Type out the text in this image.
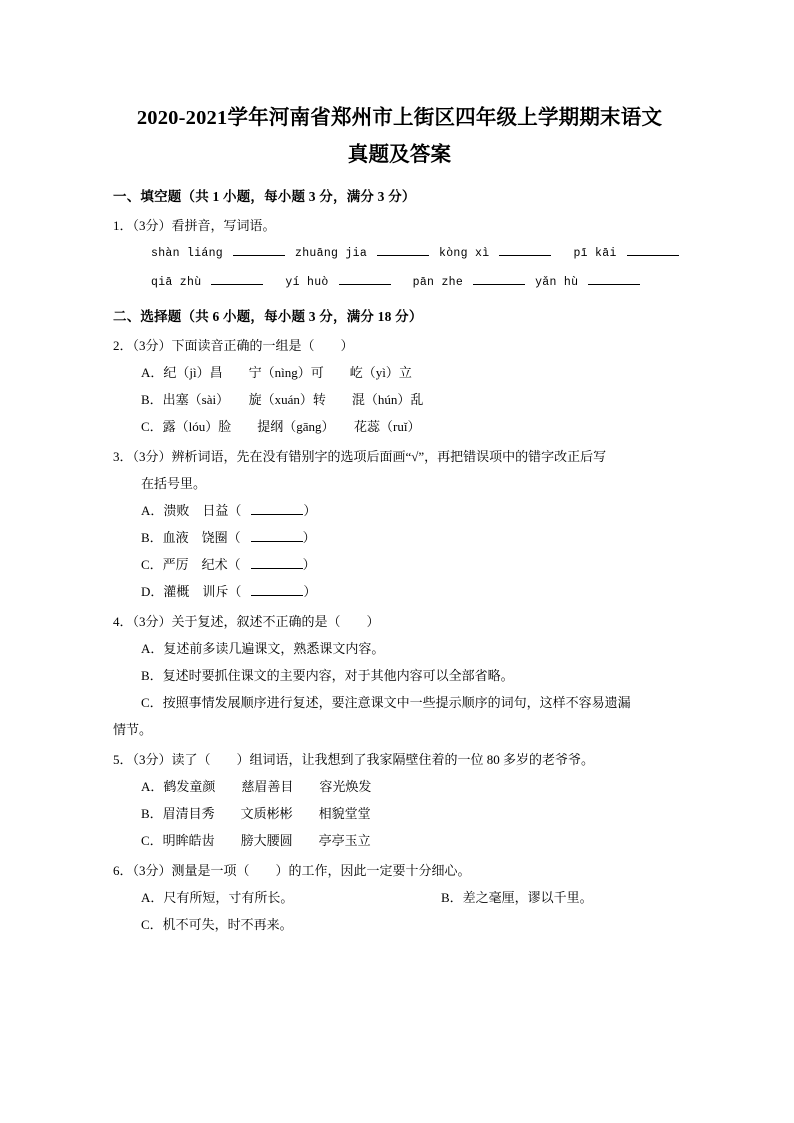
2020-2021学年河南省郑州市上街区四年级上学期期末语文
真题及答案
一、填空题（共 1 小题，每小题 3 分，满分 3 分）
1．（3分）看拼音，写词语。
shàn liáng	zhuāng jia	kòng xì	pī kāi
qiā zhù	yí huò	pān zhe	yǎn hù
二、选择题（共 6 小题，每小题 3 分，满分 18 分）
2．（3分）下面读音正确的一组是（　　）
A．纪（jì）昌　　宁（nìng）可　　屹（yì）立
B．出塞（sài）　　旋（xuán）转　　混（hún）乱
C．露（lóu）脸　　提纲（gāng）　　花蕊（ruǐ）
3．（3分）辨析词语，先在没有错别字的选项后面画“√”，再把错误项中的错字改正后写
在括号里。
A．溃败　日益（	）
B．血液　饶圈（	）
C．严厉　纪术（	）
D．灌概　训斥（	）
4．（3分）关于复述，叙述不正确的是（　　）
A．复述前多读几遍课文，熟悉课文内容。
B．复述时要抓住课文的主要内容，对于其他内容可以全部省略。
C．按照事情发展顺序进行复述，要注意课文中一些提示顺序的词句，这样不容易遗漏
情节。
5．（3分）读了（　　）组词语，让我想到了我家隔壁住着的一位 80 多岁的老爷爷。
A．鹤发童颜　　慈眉善目　　容光焕发
B．眉清目秀　　文质彬彬　　相貌堂堂
C．明眸皓齿　　膀大腰圆　　亭亭玉立
6．（3分）测量是一项（　　）的工作，因此一定要十分细心。
A．尺有所短，寸有所长。	B．差之毫厘，谬以千里。
C．机不可失，时不再来。
